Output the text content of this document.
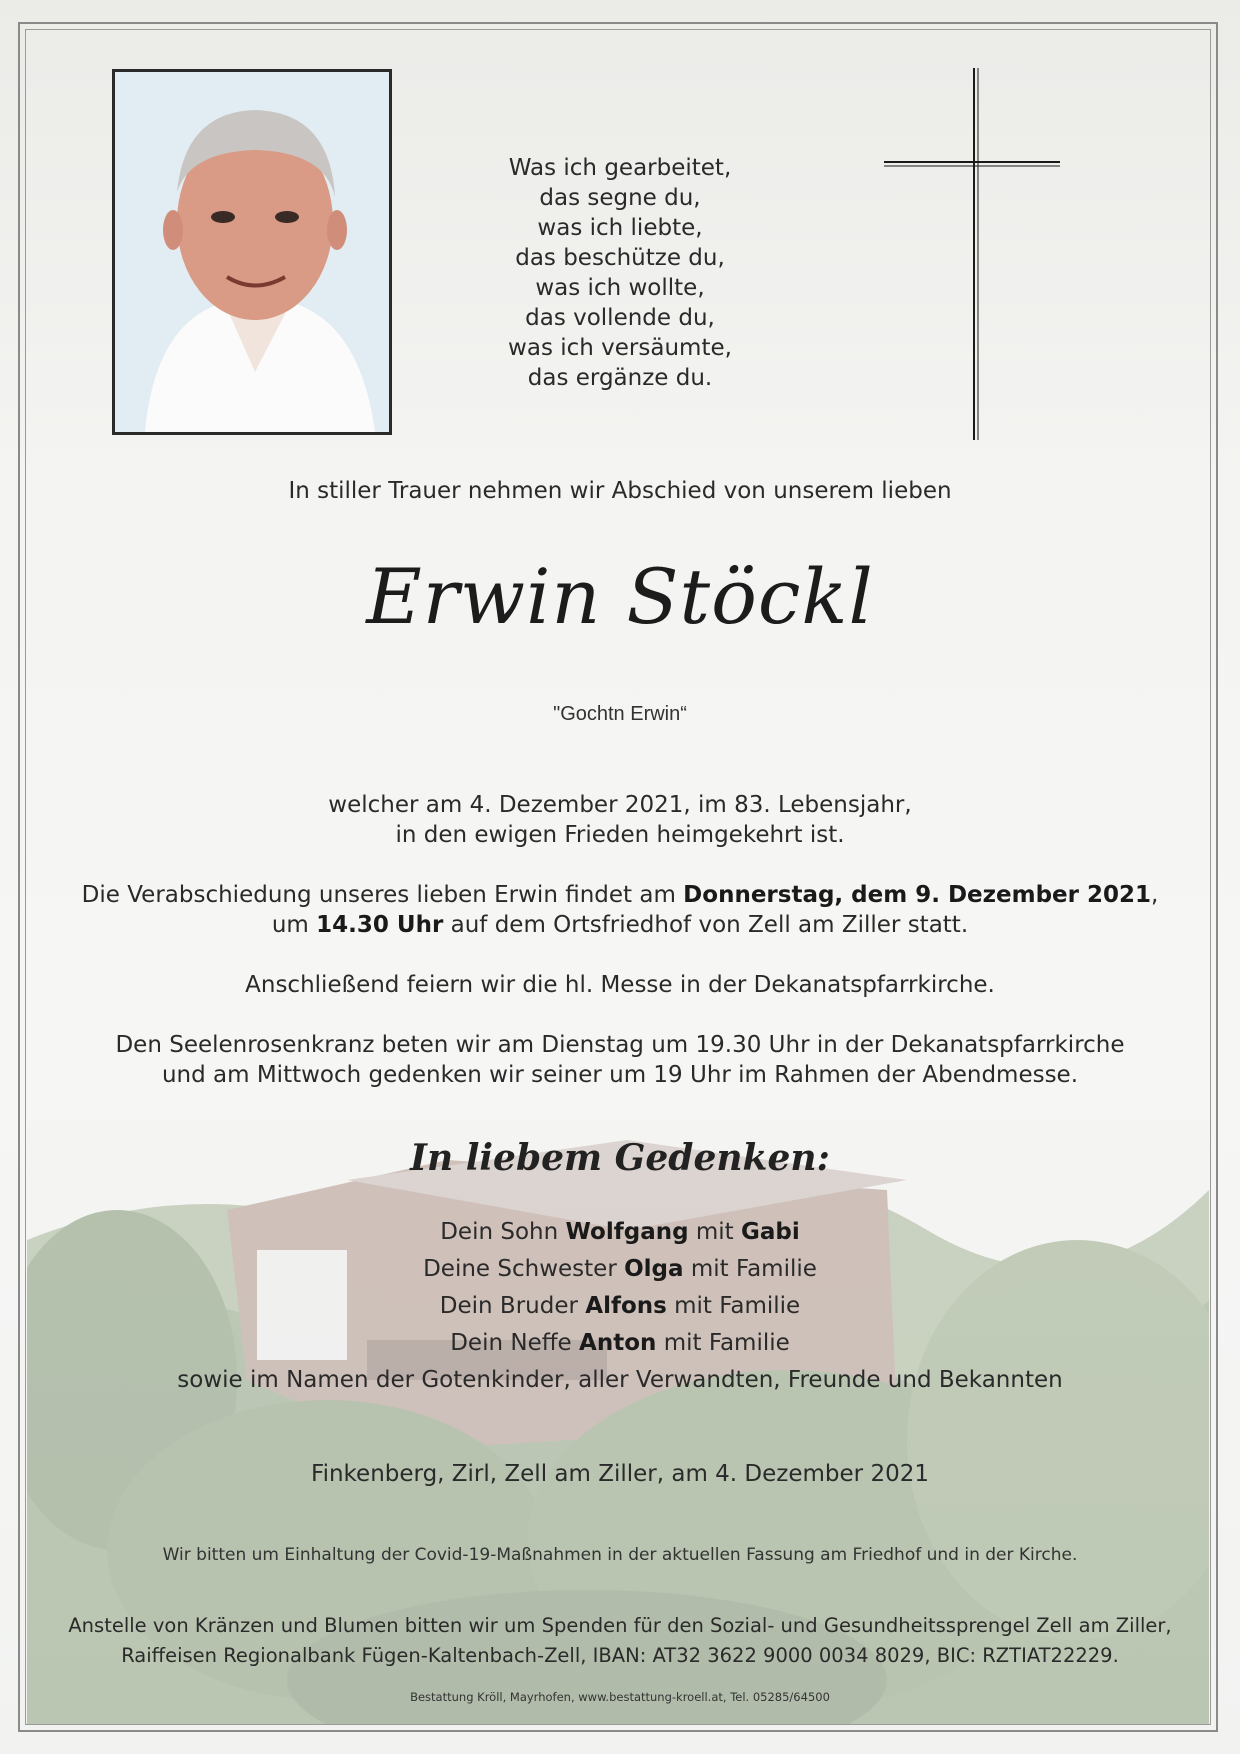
Was ich gearbeitet,
das segne du,
was ich liebte,
das beschütze du,
was ich wollte,
das vollende du,
was ich versäumte,
das ergänze du.
In stiller Trauer nehmen wir Abschied von unserem lieben
Erwin Stöckl
"Gochtn Erwin“
welcher am 4. Dezember 2021, im 83. Lebensjahr,
in den ewigen Frieden heimgekehrt ist.
Die Verabschiedung unseres lieben Erwin findet am Donnerstag, dem 9. Dezember 2021,
um 14.30 Uhr auf dem Ortsfriedhof von Zell am Ziller statt.
Anschließend feiern wir die hl. Messe in der Dekanatspfarrkirche.
Den Seelenrosenkranz beten wir am Dienstag um 19.30 Uhr in der Dekanatspfarrkirche
und am Mittwoch gedenken wir seiner um 19 Uhr im Rahmen der Abendmesse.
In liebem Gedenken:
Dein Sohn Wolfgang mit Gabi
Deine Schwester Olga mit Familie
Dein Bruder Alfons mit Familie
Dein Neffe Anton mit Familie
sowie im Namen der Gotenkinder, aller Verwandten, Freunde und Bekannten
Finkenberg, Zirl, Zell am Ziller, am 4. Dezember 2021
Wir bitten um Einhaltung der Covid-19-Maßnahmen in der aktuellen Fassung am Friedhof und in der Kirche.
Anstelle von Kränzen und Blumen bitten wir um Spenden für den Sozial- und Gesundheitssprengel Zell am Ziller,
Raiffeisen Regionalbank Fügen-Kaltenbach-Zell, IBAN: AT32 3622 9000 0034 8029, BIC: RZTIAT22229.
Bestattung Kröll, Mayrhofen, www.bestattung-kroell.at, Tel. 05285/64500
